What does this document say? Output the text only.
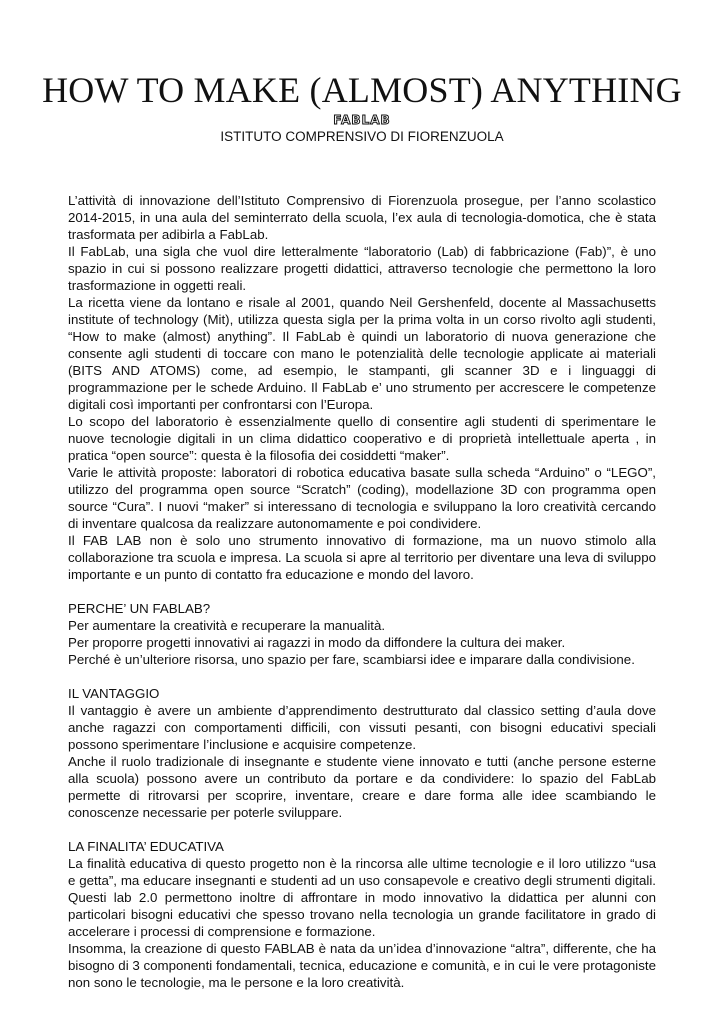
HOW TO MAKE (ALMOST) ANYTHING
FABLAB
ISTITUTO COMPRENSIVO DI FIORENZUOLA

L’attività di innovazione dell’Istituto Comprensivo di Fiorenzuola prosegue, per l’anno scolastico 2014-2015, in una aula del seminterrato della scuola, l’ex aula di tecnologia-domotica, che è stata trasformata per adibirla a FabLab.

Il FabLab, una sigla che vuol dire letteralmente “laboratorio (Lab) di fabbricazione (Fab)”, è uno spazio in cui si possono realizzare progetti didattici, attraverso tecnologie che permettono la loro trasformazione in oggetti reali.

La ricetta viene da lontano e risale al 2001, quando Neil Gershenfeld, docente al Massachusetts institute of technology (Mit), utilizza questa sigla per la prima volta in un corso rivolto agli studenti, “How to make (almost) anything”. Il FabLab è quindi un laboratorio di nuova generazione che consente agli studenti di toccare con mano le potenzialità delle tecnologie applicate ai materiali (BITS AND ATOMS) come, ad esempio, le stampanti, gli scanner 3D e i linguaggi di programmazione per le schede Arduino. Il FabLab e’ uno strumento per accrescere le competenze digitali così importanti per confrontarsi con l’Europa.

Lo scopo del laboratorio è essenzialmente quello di consentire agli studenti di sperimentare le nuove tecnologie digitali in un clima didattico cooperativo e di proprietà intellettuale aperta , in pratica “open source”: questa è la filosofia dei cosiddetti “maker”.

Varie le attività proposte: laboratori di robotica educativa basate sulla scheda “Arduino” o “LEGO”, utilizzo del programma open source “Scratch” (coding), modellazione 3D con programma open source “Cura”. I nuovi “maker” si interessano di tecnologia e sviluppano la loro creatività cercando di inventare qualcosa da realizzare autonomamente e poi condividere.

Il FAB LAB non è solo uno strumento innovativo di formazione, ma un nuovo stimolo alla collaborazione tra scuola e impresa. La scuola si apre al territorio per diventare una leva di sviluppo importante e un punto di contatto fra educazione e mondo del lavoro.

PERCHE’ UN FABLAB?

Per aumentare la creatività e recuperare la manualità.

Per proporre progetti innovativi ai ragazzi in modo da diffondere la cultura dei maker.

Perché è un’ulteriore risorsa, uno spazio per fare, scambiarsi idee e imparare dalla condivisione.

IL VANTAGGIO

Il vantaggio è avere un ambiente d’apprendimento destrutturato dal classico setting d’aula dove anche ragazzi con comportamenti difficili, con vissuti pesanti, con bisogni educativi speciali possono sperimentare l’inclusione e acquisire competenze.

Anche il ruolo tradizionale di insegnante e studente viene innovato e tutti (anche persone esterne alla scuola) possono avere un contributo da portare e da condividere: lo spazio del FabLab permette di ritrovarsi per scoprire, inventare, creare e dare forma alle idee scambiando le conoscenze necessarie per poterle sviluppare.

LA FINALITA’ EDUCATIVA

La finalità educativa di questo progetto non è la rincorsa alle ultime tecnologie e il loro utilizzo “usa e getta”, ma educare insegnanti e studenti ad un uso consapevole e creativo degli strumenti digitali. Questi lab 2.0 permettono inoltre di affrontare in modo innovativo la didattica per alunni con particolari bisogni educativi che spesso trovano nella tecnologia un grande facilitatore in grado di accelerare i processi di comprensione e formazione.

Insomma, la creazione di questo FABLAB è nata da un’idea d’innovazione “altra”, differente, che ha bisogno di 3 componenti fondamentali, tecnica, educazione e comunità, e in cui le vere protagoniste non sono le tecnologie, ma le persone e la loro creatività.
